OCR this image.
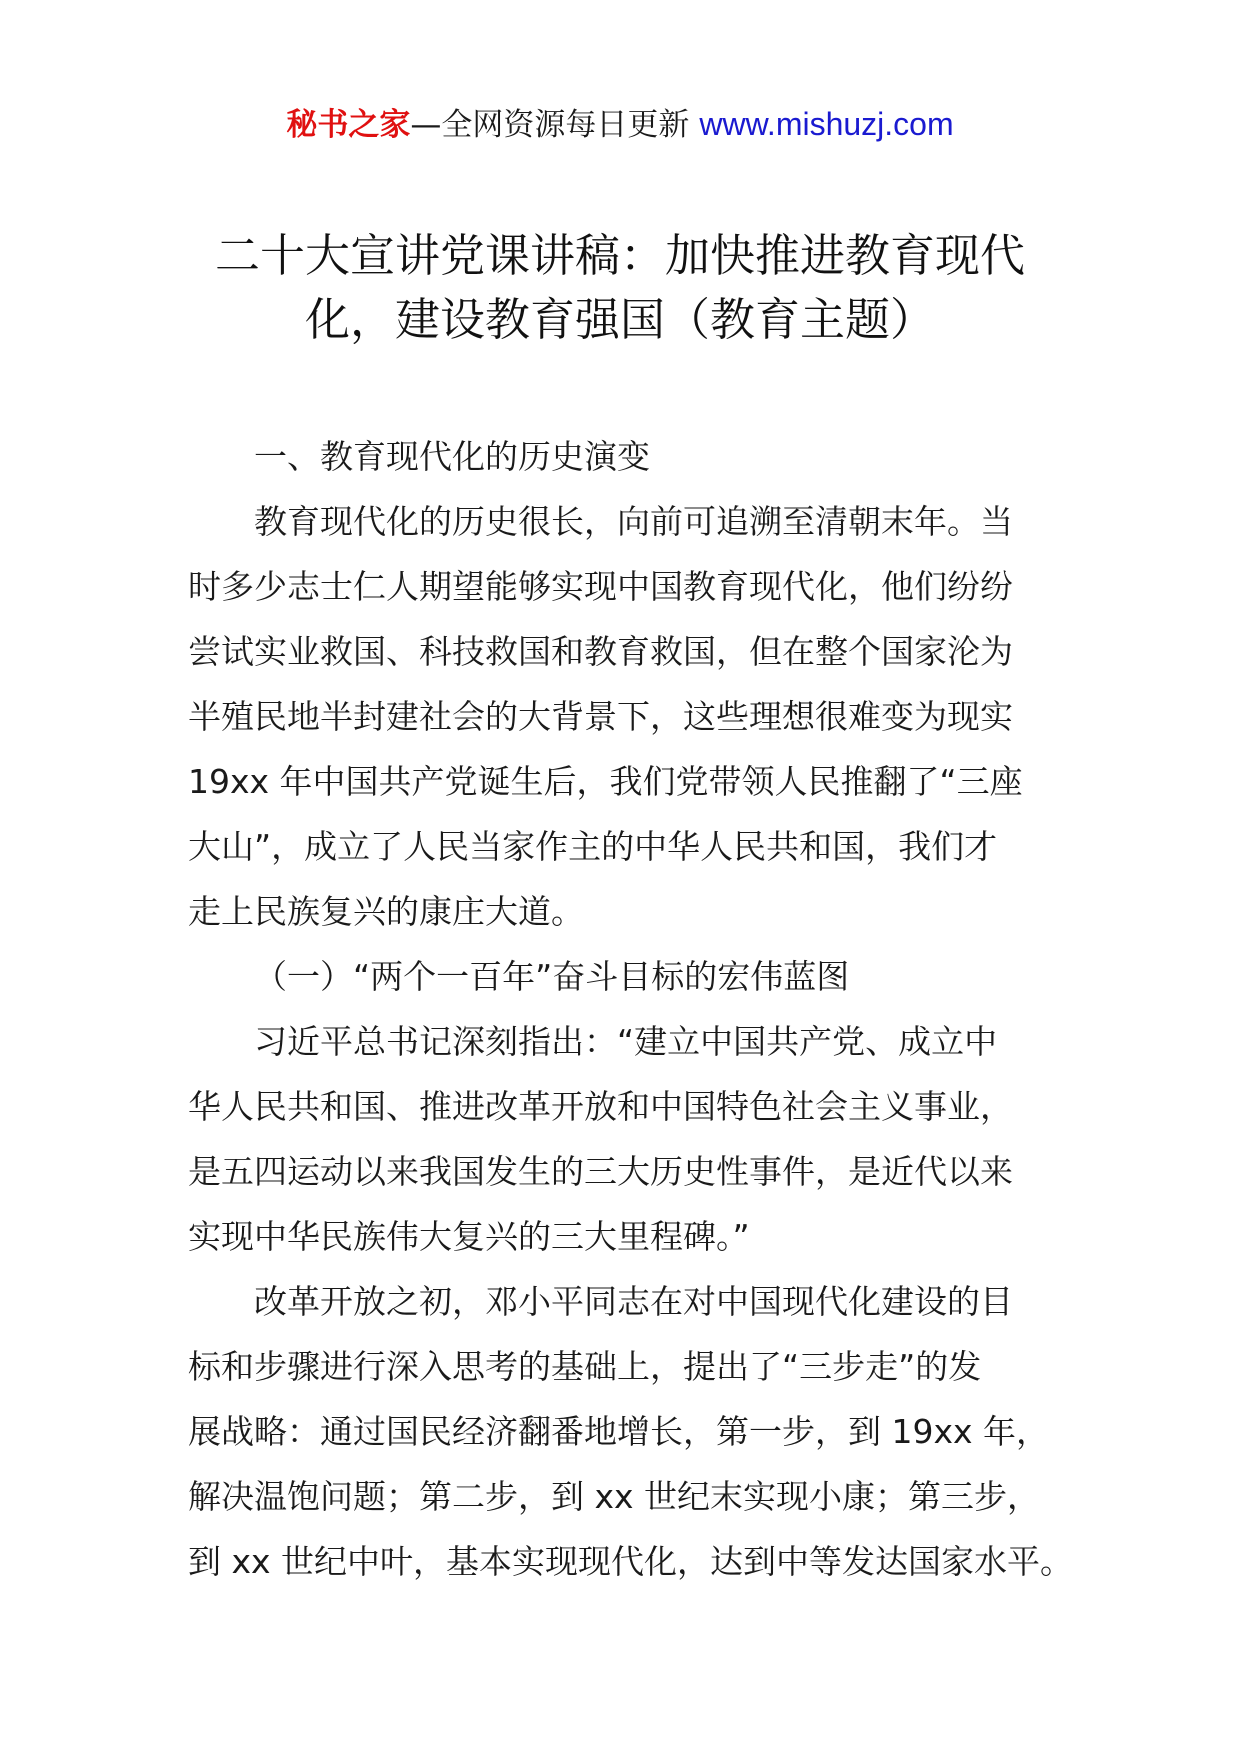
秘书之家—全网资源每日更新 www.mishuzj.com
二十大宣讲党课讲稿：加快推进教育现代
化，建设教育强国（教育主题）
一、教育现代化的历史演变
教育现代化的历史很长，向前可追溯至清朝末年。当
时多少志士仁人期望能够实现中国教育现代化，他们纷纷
尝试实业救国、科技救国和教育救国，但在整个国家沦为
半殖民地半封建社会的大背景下，这些理想很难变为现实
19xx 年中国共产党诞生后，我们党带领人民推翻了“三座
大山”，成立了人民当家作主的中华人民共和国，我们才
走上民族复兴的康庄大道。
（一）“两个一百年”奋斗目标的宏伟蓝图
习近平总书记深刻指出：“建立中国共产党、成立中
华人民共和国、推进改革开放和中国特色社会主义事业，
是五四运动以来我国发生的三大历史性事件，是近代以来
实现中华民族伟大复兴的三大里程碑。”
改革开放之初，邓小平同志在对中国现代化建设的目
标和步骤进行深入思考的基础上，提出了“三步走”的发
展战略：通过国民经济翻番地增长，第一步，到 19xx 年，
解决温饱问题；第二步，到 xx 世纪末实现小康；第三步，
到 xx 世纪中叶，基本实现现代化，达到中等发达国家水平。
